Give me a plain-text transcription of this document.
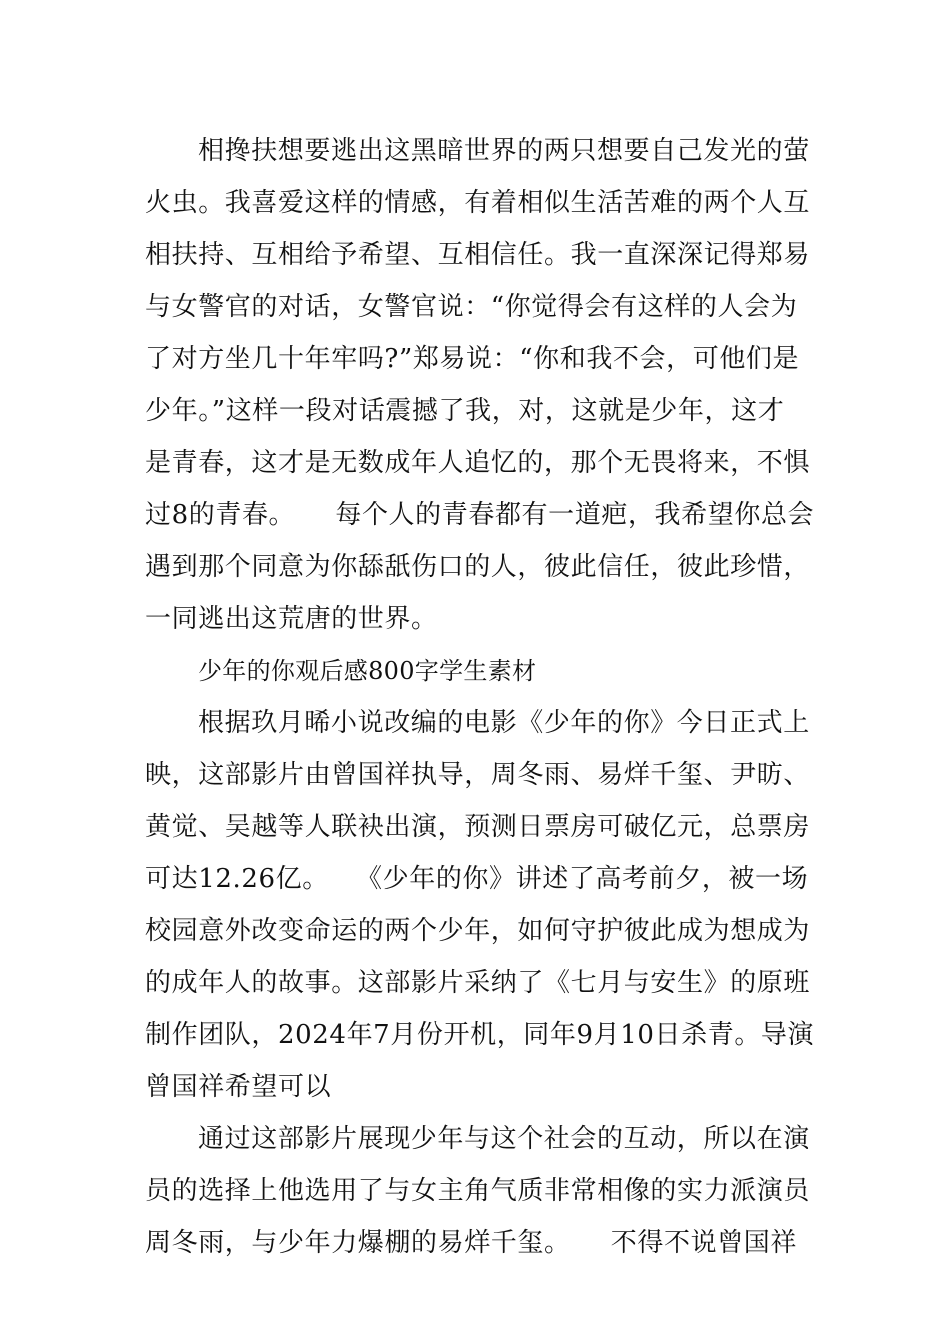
相搀扶想要逃出这黑暗世界的两只想要自己发光的萤

火虫。我喜爱这样的情感，有着相似生活苦难的两个人互

相扶持、互相给予希望、互相信任。我一直深深记得郑易

与女警官的对话，女警官说：“你觉得会有这样的人会为

了对方坐几十年牢吗?”郑易说：“你和我不会，可他们是

少年。”这样一段对话震撼了我，对，这就是少年，这才

是青春，这才是无数成年人追忆的，那个无畏将来，不惧

过8的青春。　　每个人的青春都有一道疤，我希望你总会

遇到那个同意为你舔舐伤口的人，彼此信任，彼此珍惜，

一同逃出这荒唐的世界。

少年的你观后感800字学生素材

根据玖月晞小说改编的电影《少年的你》今日正式上

映，这部影片由曾国祥执导，周冬雨、易烊千玺、尹昉、

黄觉、吴越等人联袂出演，预测日票房可破亿元，总票房

可达12.26亿。　　《少年的你》讲述了高考前夕，被一场

校园意外改变命运的两个少年，如何守护彼此成为想成为

的成年人的故事。这部影片采纳了《七月与安生》的原班

制作团队，2024年7月份开机，同年9月10日杀青。导演

曾国祥希望可以

通过这部影片展现少年与这个社会的互动，所以在演

员的选择上他选用了与女主角气质非常相像的实力派演员

周冬雨，与少年力爆棚的易烊千玺。　　不得不说曾国祥
